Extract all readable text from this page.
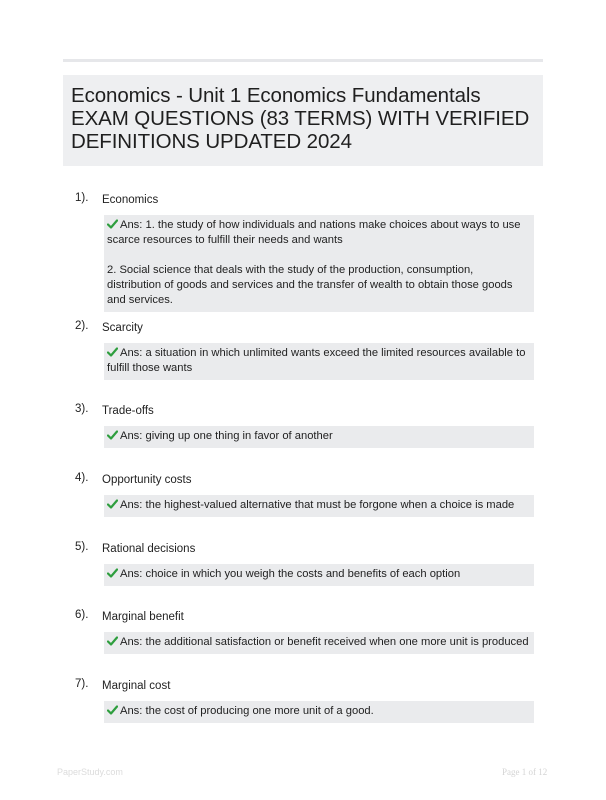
Economics - Unit 1 Economics Fundamentals
EXAM QUESTIONS (83 TERMS) WITH VERIFIED
DEFINITIONS UPDATED 2024
1). Economics

Ans: 1. the study of how individuals and nations make choices about ways to use scarce resources to fulfill their needs and wants

2. Social science that deals with the study of the production, consumption, distribution of goods and services and the transfer of wealth to obtain those goods and services.

2). Scarcity

Ans: a situation in which unlimited wants exceed the limited resources available to fulfill those wants

3). Trade-offs

Ans: giving up one thing in favor of another

4). Opportunity costs

Ans: the highest-valued alternative that must be forgone when a choice is made

5). Rational decisions

Ans: choice in which you weigh the costs and benefits of each option

6). Marginal benefit

Ans: the additional satisfaction or benefit received when one more unit is produced

7). Marginal cost

Ans: the cost of producing one more unit of a good.

PaperStudy.com	Page 1 of 12
